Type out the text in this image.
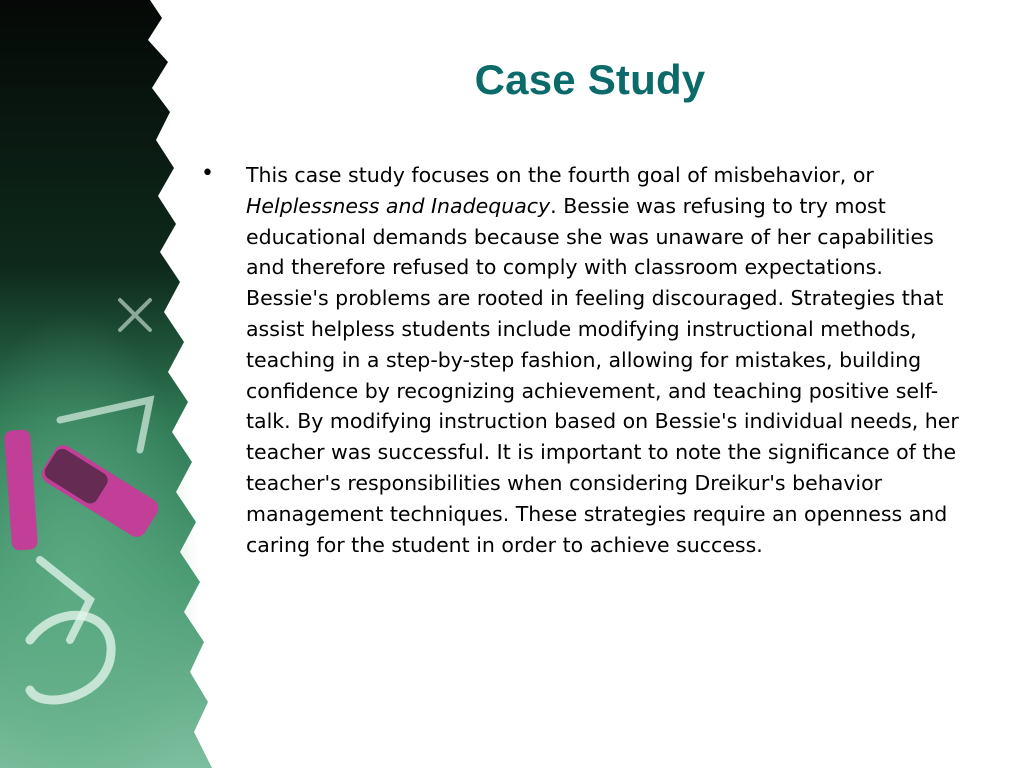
Case Study
• This case study focuses on the fourth goal of misbehavior, or Helplessness and Inadequacy. Bessie was refusing to try most educational demands because she was unaware of her capabilities and therefore refused to comply with classroom expectations. Bessie's problems are rooted in feeling discouraged. Strategies that assist helpless students include modifying instructional methods, teaching in a step-by-step fashion, allowing for mistakes, building confidence by recognizing achievement, and teaching positive self-talk. By modifying instruction based on Bessie's individual needs, her teacher was successful. It is important to note the significance of the teacher's responsibilities when considering Dreikur's behavior management techniques. These strategies require an openness and caring for the student in order to achieve success.
